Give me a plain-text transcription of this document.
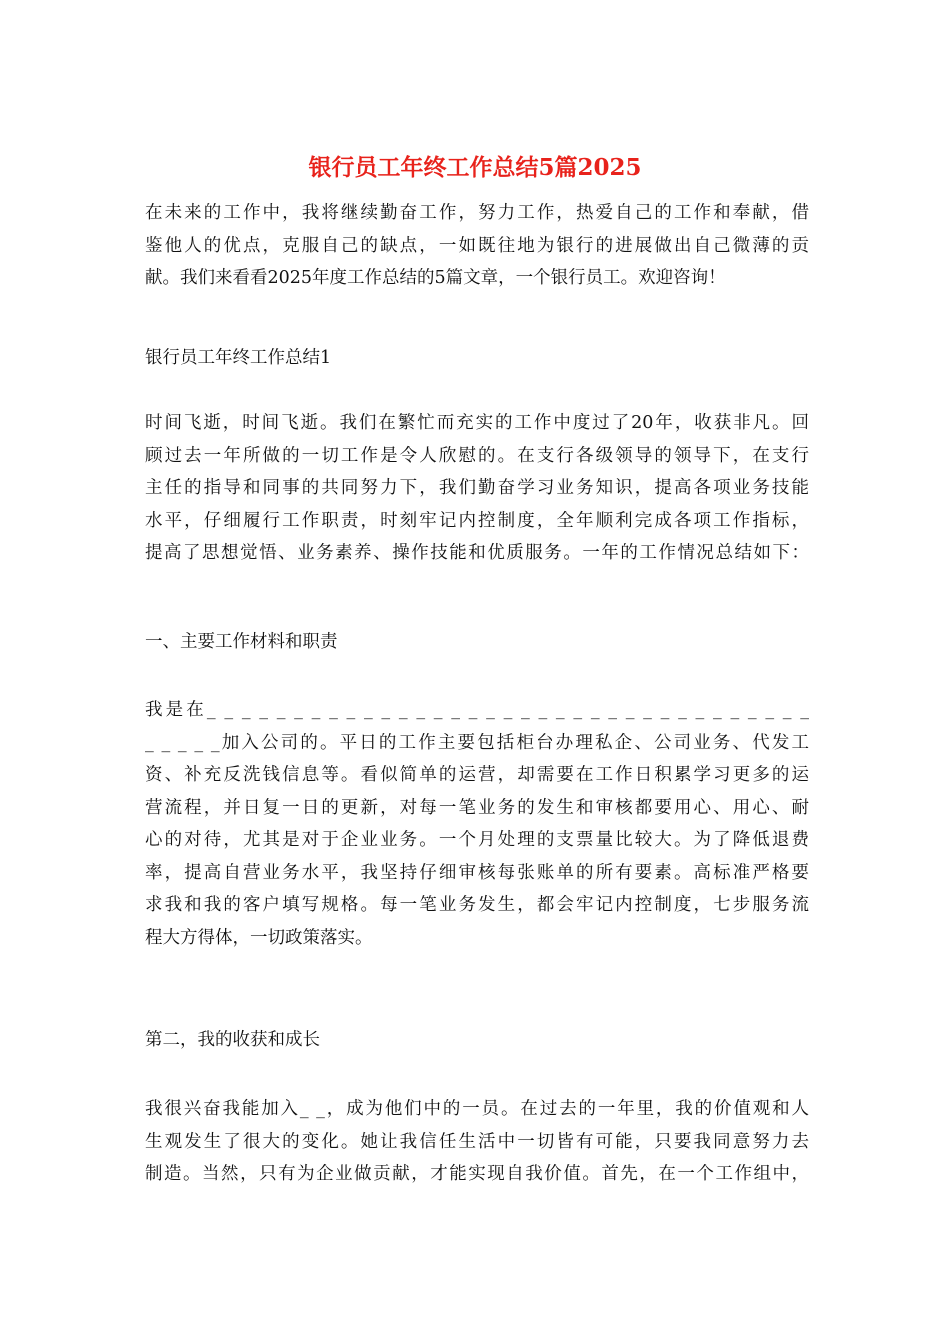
银行员工年终工作总结5篇2025
在未来的工作中，我将继续勤奋工作，努力工作，热爱自己的工作和奉献，借
鉴他人的优点，克服自己的缺点，一如既往地为银行的进展做出自己微薄的贡
献。我们来看看2025年度工作总结的5篇文章，一个银行员工。欢迎咨询！
银行员工年终工作总结1
时间飞逝，时间飞逝。我们在繁忙而充实的工作中度过了20年，收获非凡。回
顾过去一年所做的一切工作是令人欣慰的。在支行各级领导的领导下，在支行
主任的指导和同事的共同努力下，我们勤奋学习业务知识，提高各项业务技能
水平，仔细履行工作职责，时刻牢记内控制度，全年顺利完成各项工作指标，
提高了思想觉悟、业务素养、操作技能和优质服务。一年的工作情况总结如下：
一、主要工作材料和职责
我是在_ _ _ _ _ _ _ _ _ _ _ _ _ _ _ _ _ _ _ _ _ _ _ _ _ _ _ _ _ _ _ _ _ _ _
_ _ _ _ _加入公司的。平日的工作主要包括柜台办理私企、公司业务、代发工
资、补充反洗钱信息等。看似简单的运营，却需要在工作日积累学习更多的运
营流程，并日复一日的更新，对每一笔业务的发生和审核都要用心、用心、耐
心的对待，尤其是对于企业业务。一个月处理的支票量比较大。为了降低退费
率，提高自营业务水平，我坚持仔细审核每张账单的所有要素。高标准严格要
求我和我的客户填写规格。每一笔业务发生，都会牢记内控制度，七步服务流
程大方得体，一切政策落实。
第二，我的收获和成长
我很兴奋我能加入_ _，成为他们中的一员。在过去的一年里，我的价值观和人
生观发生了很大的变化。她让我信任生活中一切皆有可能，只要我同意努力去
制造。当然，只有为企业做贡献，才能实现自我价值。首先，在一个工作组中，
